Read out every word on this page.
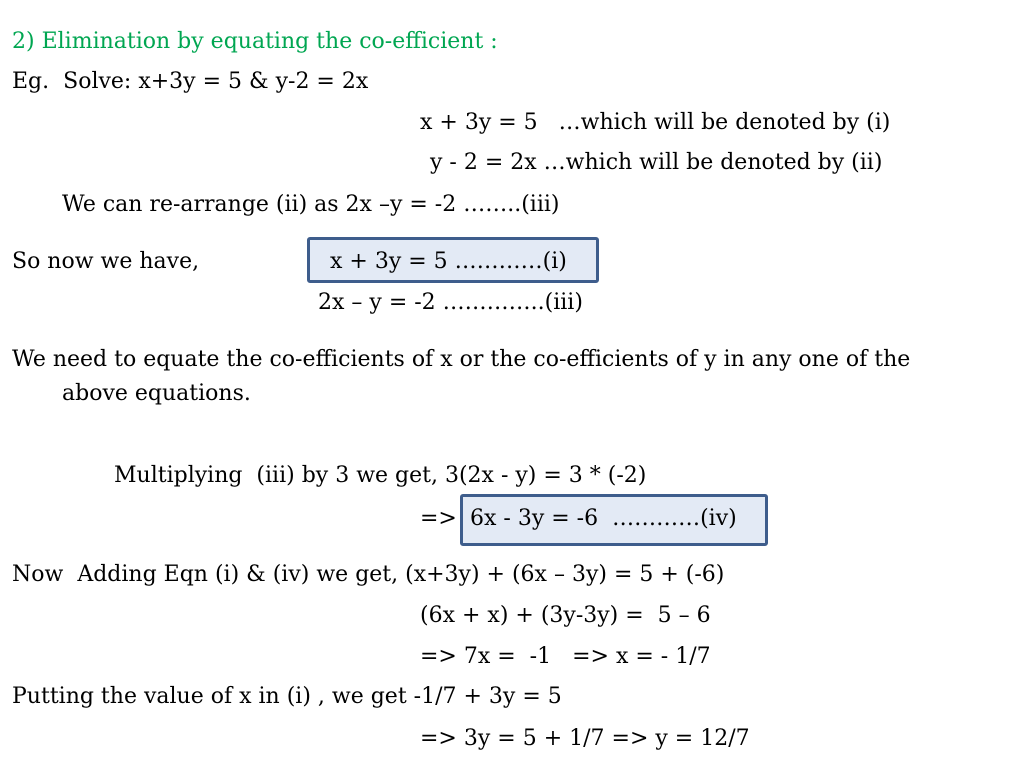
2) Elimination by equating the co-efficient :
Eg.  Solve: x+3y = 5 & y-2 = 2x
x + 3y = 5   …which will be denoted by (i)
y - 2 = 2x …which will be denoted by (ii)
We can re-arrange (ii) as 2x –y = -2 ……..(iii)
So now we have,	x + 3y = 5 …………(i)
2x – y = -2 …………..(iii)
We need to equate the co-efficients of x or the co-efficients of y in any one of the
above equations.
Multiplying  (iii) by 3 we get, 3(2x - y) = 3 * (-2)
=> 6x - 3y = -6  …………(iv)
Now  Adding Eqn (i) & (iv) we get, (x+3y) + (6x – 3y) = 5 + (-6)
(6x + x) + (3y-3y) =  5 – 6
=> 7x =  -1   => x = - 1/7
Putting the value of x in (i) , we get -1/7 + 3y = 5
=> 3y = 5 + 1/7 => y = 12/7
